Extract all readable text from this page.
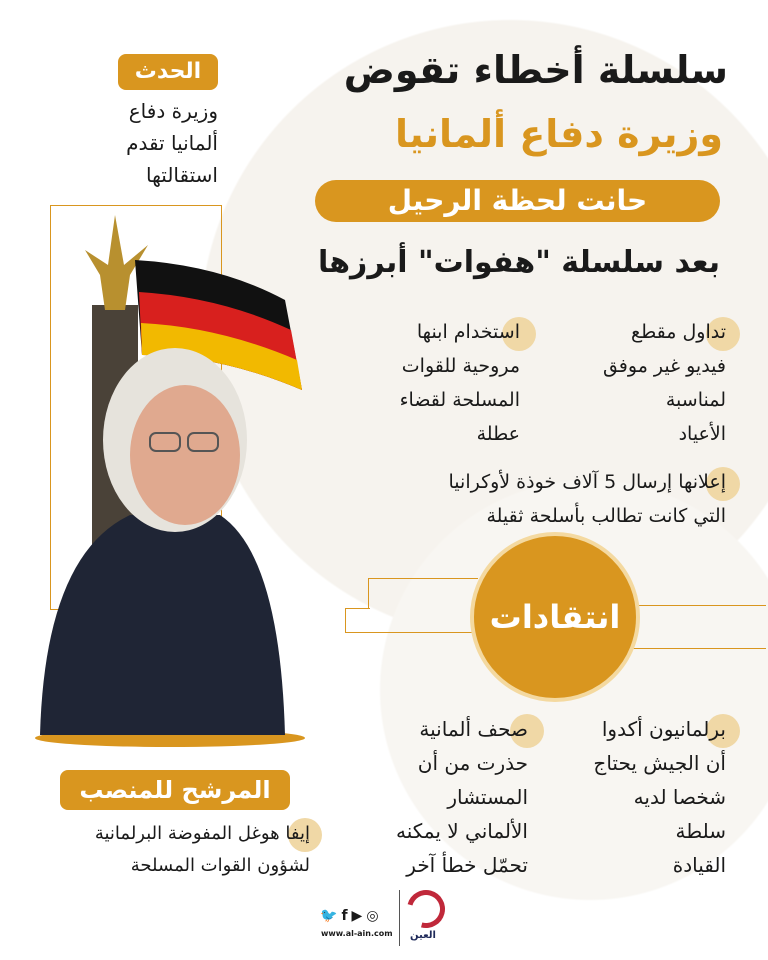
سلسلة أخطاء تقوض
وزيرة دفاع ألمانيا
حانت لحظة الرحيل
بعد سلسلة "هفوات" أبرزها
الحدث
وزيرة دفاع
ألمانيا تقدم
استقالتها
المرشح للمنصب
إيفا هوغل المفوضة البرلمانية
لشؤون القوات المسلحة
تداول مقطع
فيديو غير موفق
لمناسبة
الأعياد
استخدام ابنها
مروحية للقوات
المسلحة لقضاء
عطلة
إعلانها إرسال 5 آلاف خوذة لأوكرانيا
التي كانت تطالب بأسلحة ثقيلة
انتقادات
برلمانيون أكدوا
أن الجيش يحتاج
شخصا لديه
سلطة
القيادة
صحف ألمانية
حذرت من أن
المستشار
الألماني لا يمكنه
تحمّل خطأ آخر
🐦 f ▶ ◎
www.al-ain.com العين
